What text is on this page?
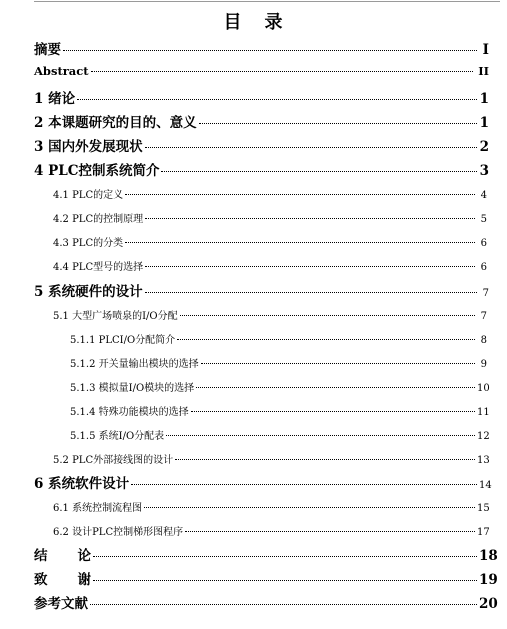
目 录
摘要	I
Abstract	II
1 绪论	1
2 本课题研究的目的、意义	1
3 国内外发展现状	2
4 PLC控制系统简介	3
4.1 PLC的定义	4
4.2 PLC的控制原理	5
4.3 PLC的分类	6
4.4 PLC型号的选择	6
5 系统硬件的设计	7
5.1 大型广场喷泉的I/O分配	7
5.1.1 PLCI/O分配简介	8
5.1.2 开关量输出模块的选择	9
5.1.3 模拟量I/O模块的选择	10
5.1.4 特殊功能模块的选择	11
5.1.5 系统I/O分配表	12
5.2 PLC外部接线图的设计	13
6 系统软件设计	14
6.1 系统控制流程图	15
6.2 设计PLC控制梯形图程序	17
结 论	18
致 谢	19
参考文献	20
